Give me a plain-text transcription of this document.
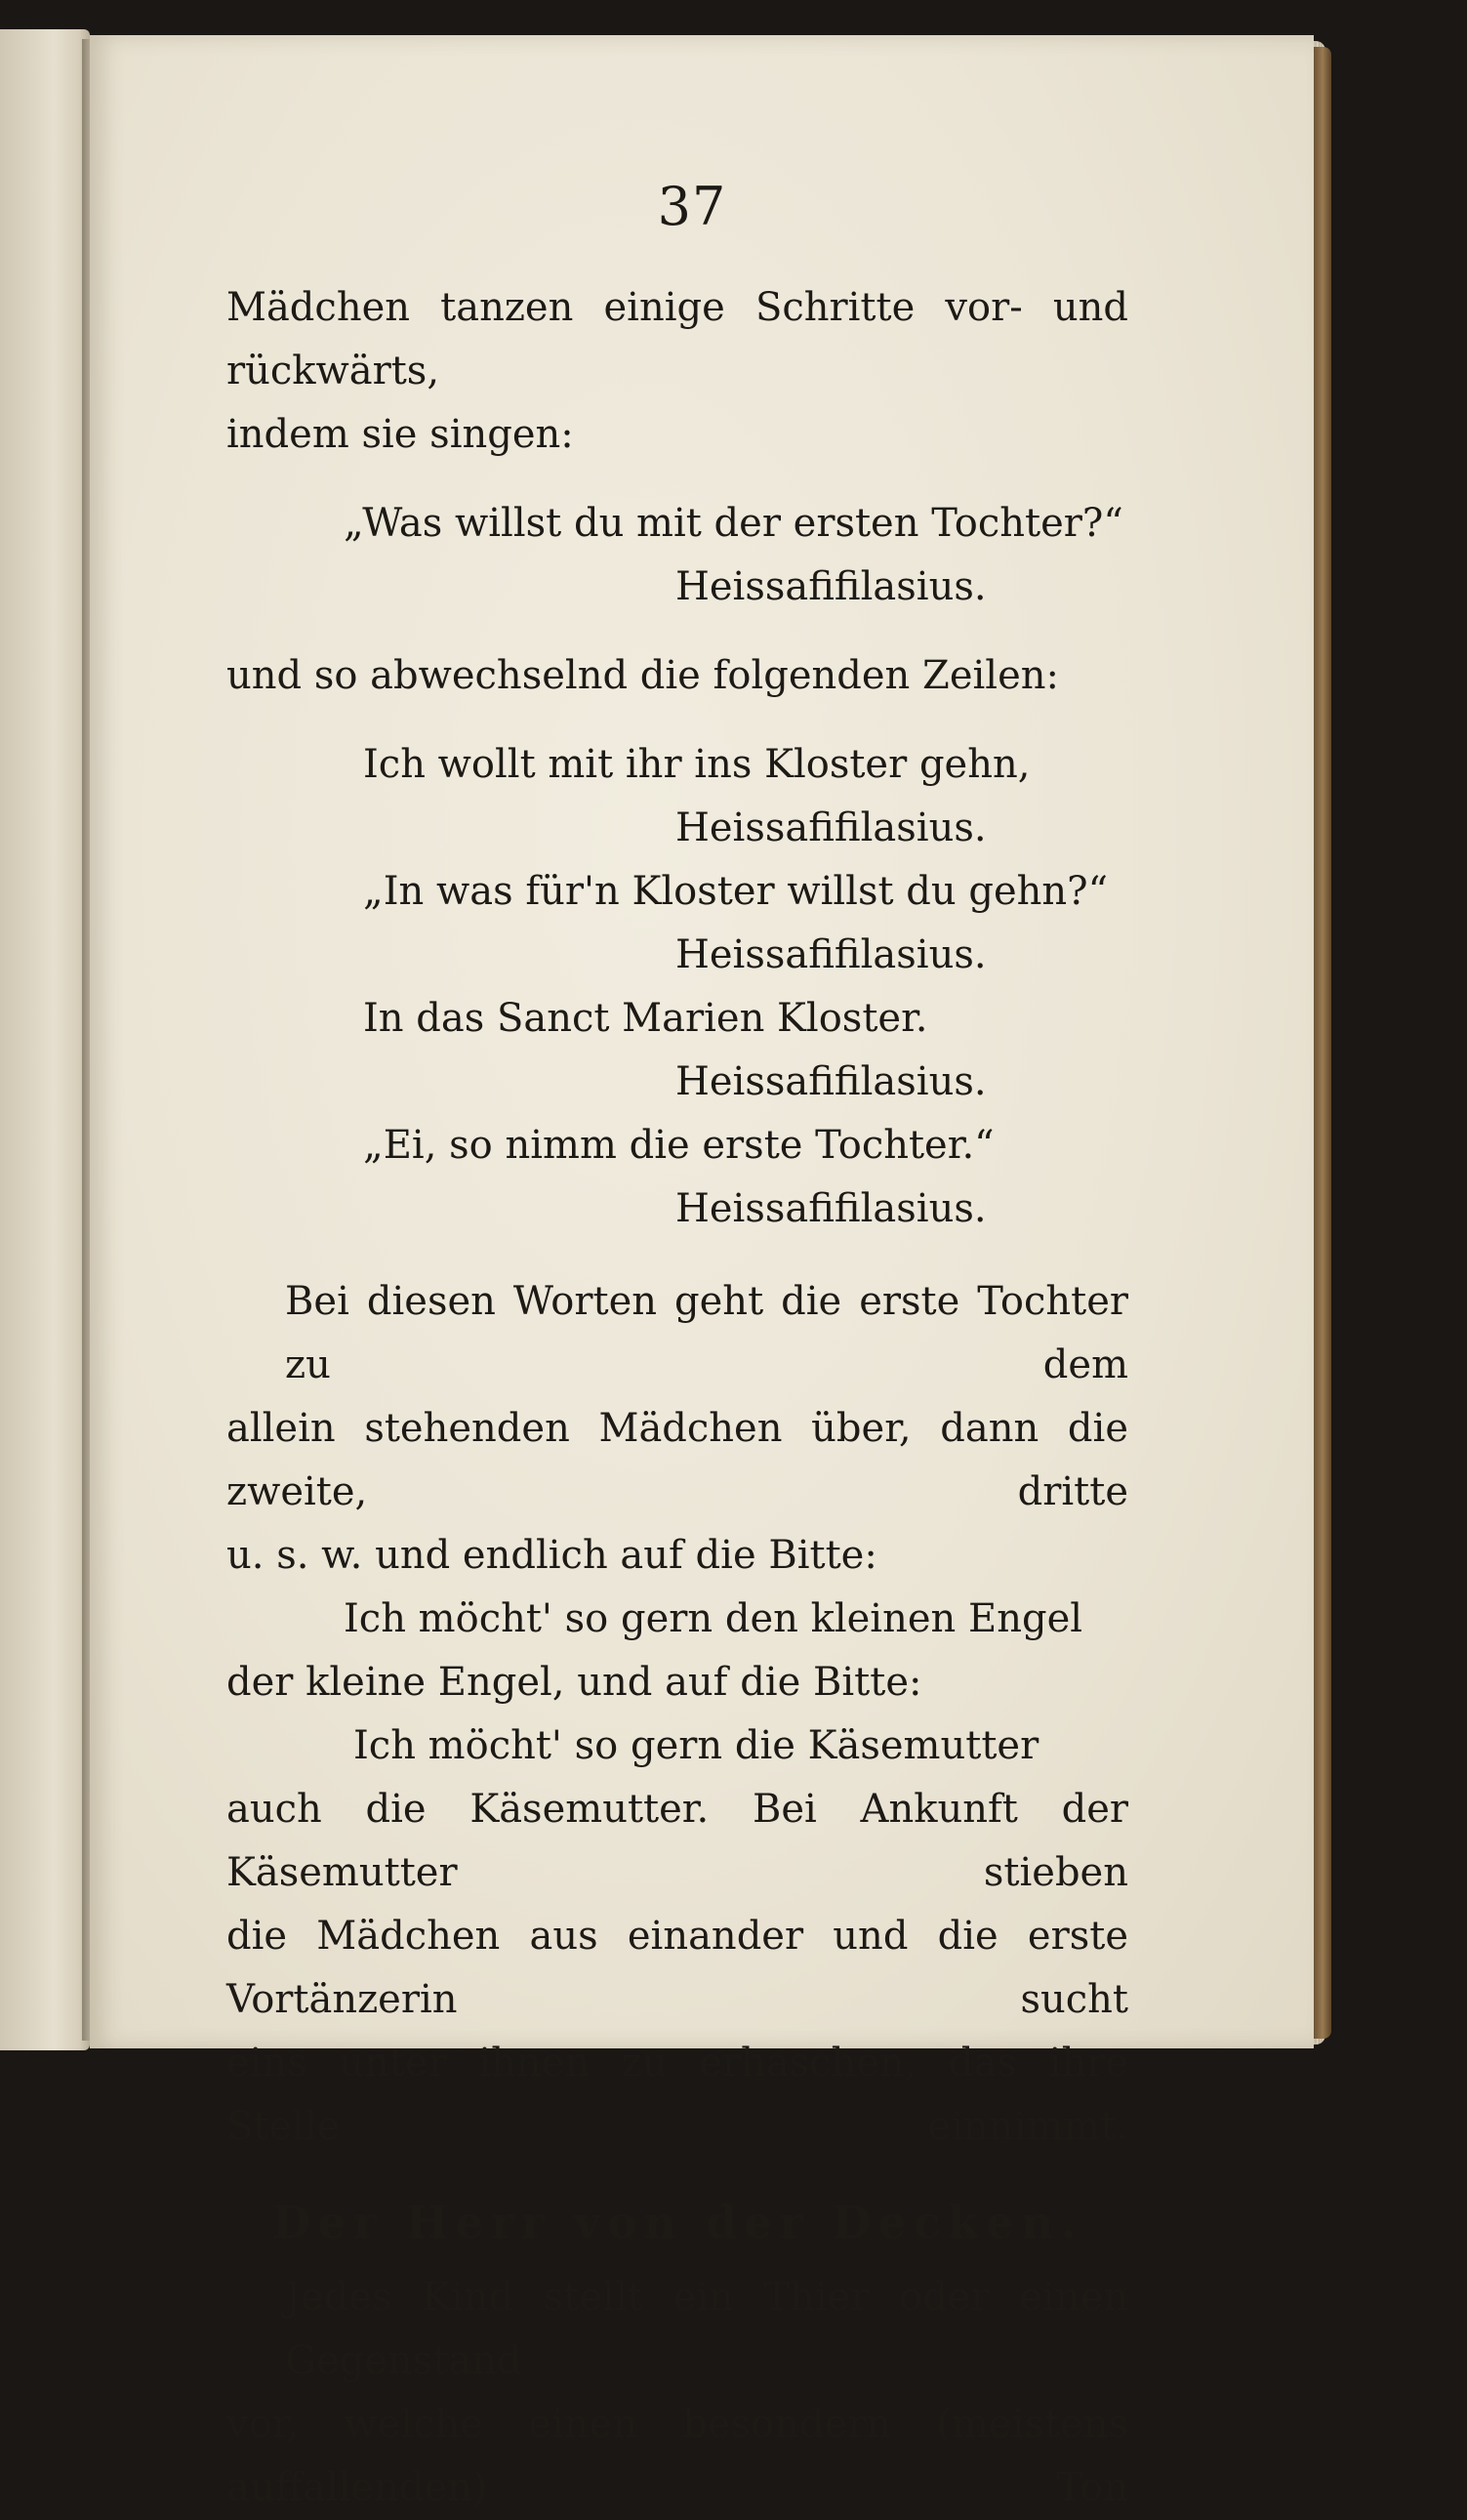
37

Mädchen tanzen einige Schritte vor- und rückwärts,
indem sie singen:

„Was willst du mit der ersten Tochter?“
Heissafifilasius.

und so abwechselnd die folgenden Zeilen:

Ich wollt mit ihr ins Kloster gehn,
Heissafifilasius.
„In was für'n Kloster willst du gehn?“
Heissafifilasius.
In das Sanct Marien Kloster.
Heissafifilasius.
„Ei, so nimm die erste Tochter.“
Heissafifilasius.

Bei diesen Worten geht die erste Tochter zu dem
allein stehenden Mädchen über, dann die zweite, dritte
u. s. w. und endlich auf die Bitte:

Ich möcht' so gern den kleinen Engel

der kleine Engel, und auf die Bitte:

Ich möcht' so gern die Käsemutter

auch die Käsemutter. Bei Ankunft der Käsemutter stieben
die Mädchen aus einander und die erste Vortänzerin sucht
eins unter ihnen zu erhaschen, das ihre Stelle einnimmt.

Der Herr von der Decken.

Jedes Kind stellt ein Thier oder einen Gegenstand
vor, welche einen besondern (meistens auffallenden) Ton
